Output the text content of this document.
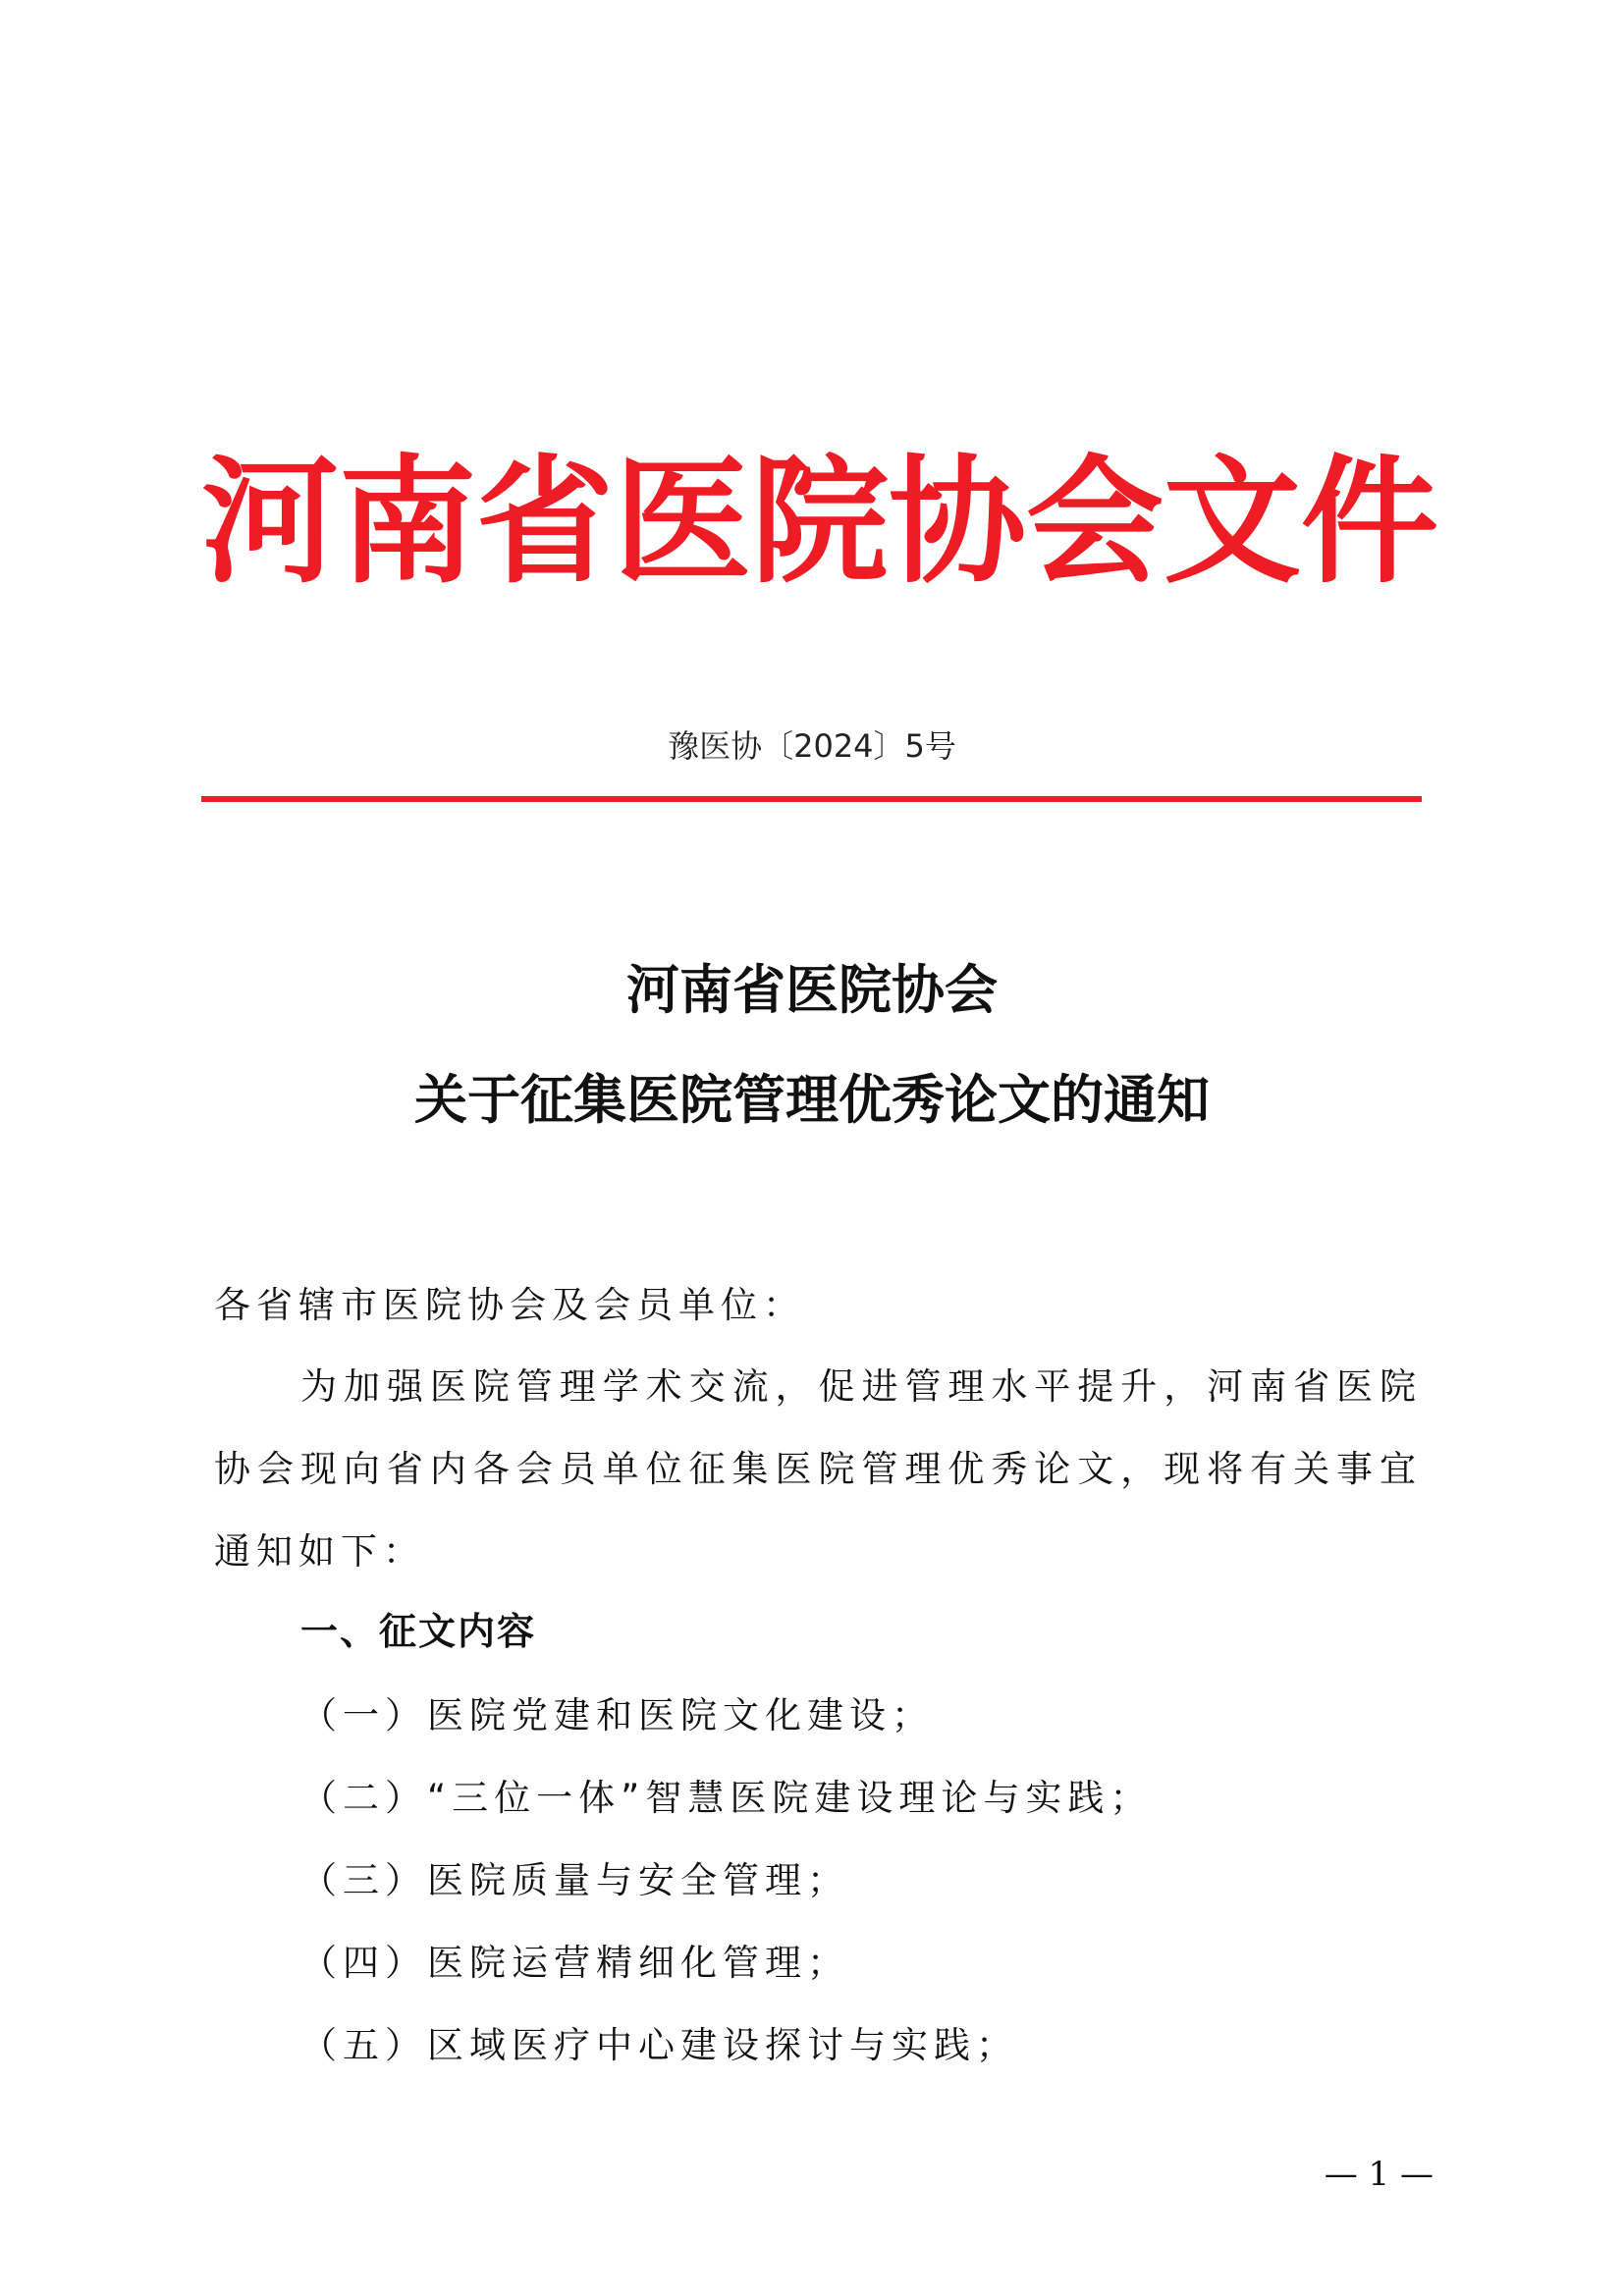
河南省医院协会文件
豫医协〔2024〕5号
河南省医院协会
关于征集医院管理优秀论文的通知

各省辖市医院协会及会员单位：

为加强医院管理学术交流，促进管理水平提升，河南省医院协会现向省内各会员单位征集医院管理优秀论文，现将有关事宜通知如下：

一、征文内容
（一）医院党建和医院文化建设；
（二）“三位一体”智慧医院建设理论与实践；
（三）医院质量与安全管理；
（四）医院运营精细化管理；
（五）区域医疗中心建设探讨与实践；
— 1 —
